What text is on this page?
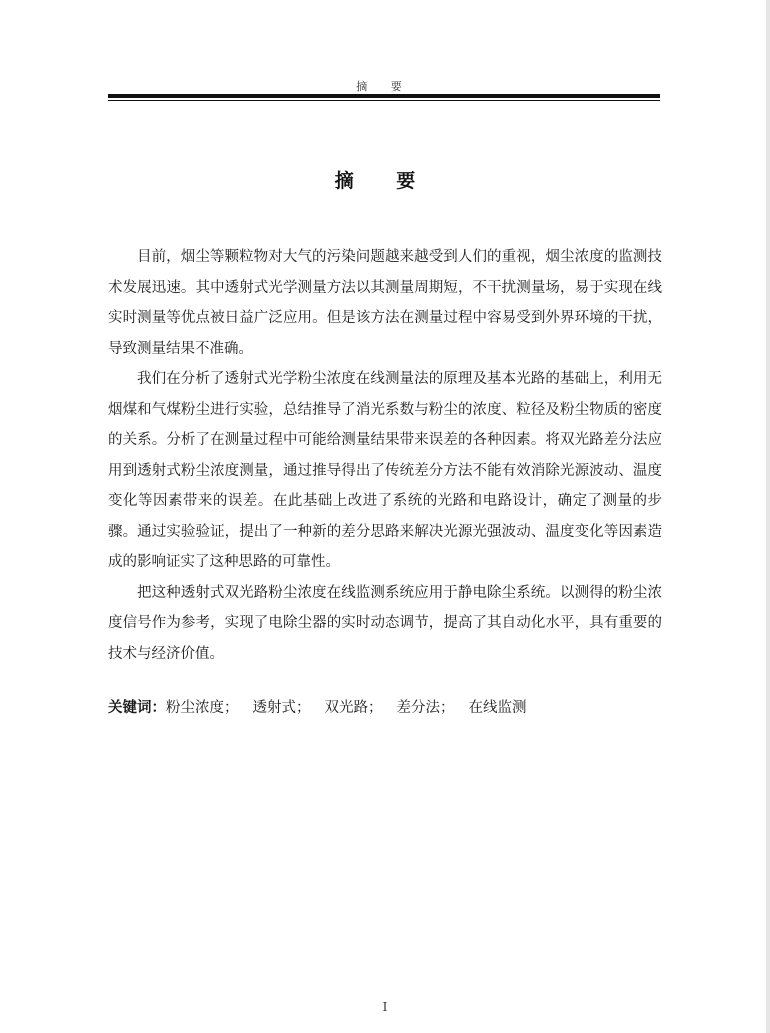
摘 要
摘 要

目前，烟尘等颗粒物对大气的污染问题越来越受到人们的重视，烟尘浓度的监测技术发展迅速。其中透射式光学测量方法以其测量周期短，不干扰测量场，易于实现在线实时测量等优点被日益广泛应用。但是该方法在测量过程中容易受到外界环境的干扰，导致测量结果不准确。

我们在分析了透射式光学粉尘浓度在线测量法的原理及基本光路的基础上，利用无烟煤和气煤粉尘进行实验，总结推导了消光系数与粉尘的浓度、粒径及粉尘物质的密度的关系。分析了在测量过程中可能给测量结果带来误差的各种因素。将双光路差分法应用到透射式粉尘浓度测量，通过推导得出了传统差分方法不能有效消除光源波动、温度变化等因素带来的误差。在此基础上改进了系统的光路和电路设计，确定了测量的步骤。通过实验验证，提出了一种新的差分思路来解决光源光强波动、温度变化等因素造成的影响证实了这种思路的可靠性。

把这种透射式双光路粉尘浓度在线监测系统应用于静电除尘系统。以测得的粉尘浓度信号作为参考，实现了电除尘器的实时动态调节，提高了其自动化水平，具有重要的技术与经济价值。

关键词：粉尘浓度； 透射式； 双光路； 差分法； 在线监测
I
